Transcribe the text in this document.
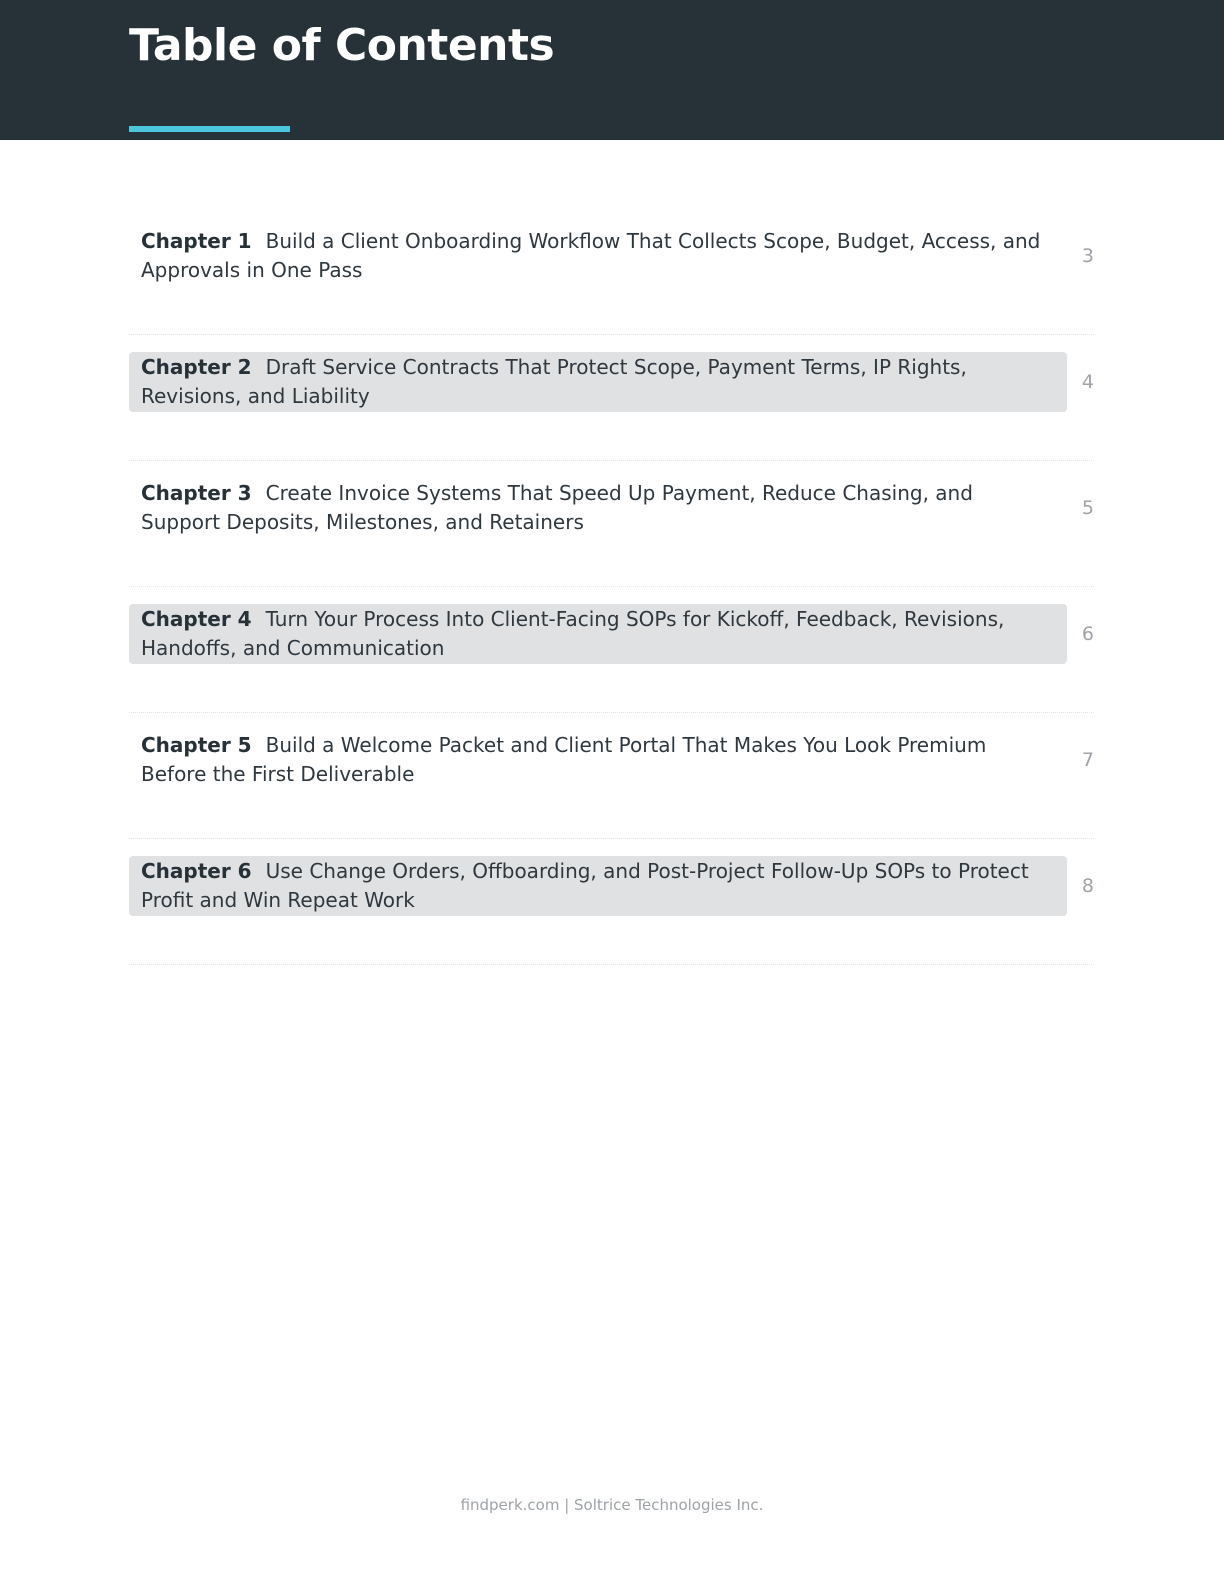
Table of Contents
Chapter 1 Build a Client Onboarding Workflow That Collects Scope, Budget, Access, and Approvals in One Pass
3
Chapter 2 Draft Service Contracts That Protect Scope, Payment Terms, IP Rights, Revisions, and Liability
4
Chapter 3 Create Invoice Systems That Speed Up Payment, Reduce Chasing, and Support Deposits, Milestones, and Retainers
5
Chapter 4 Turn Your Process Into Client-Facing SOPs for Kickoff, Feedback, Revisions, Handoffs, and Communication
6
Chapter 5 Build a Welcome Packet and Client Portal That Makes You Look Premium Before the First Deliverable
7
Chapter 6 Use Change Orders, Offboarding, and Post-Project Follow-Up SOPs to Protect Profit and Win Repeat Work
8
findperk.com | Soltrice Technologies Inc.
